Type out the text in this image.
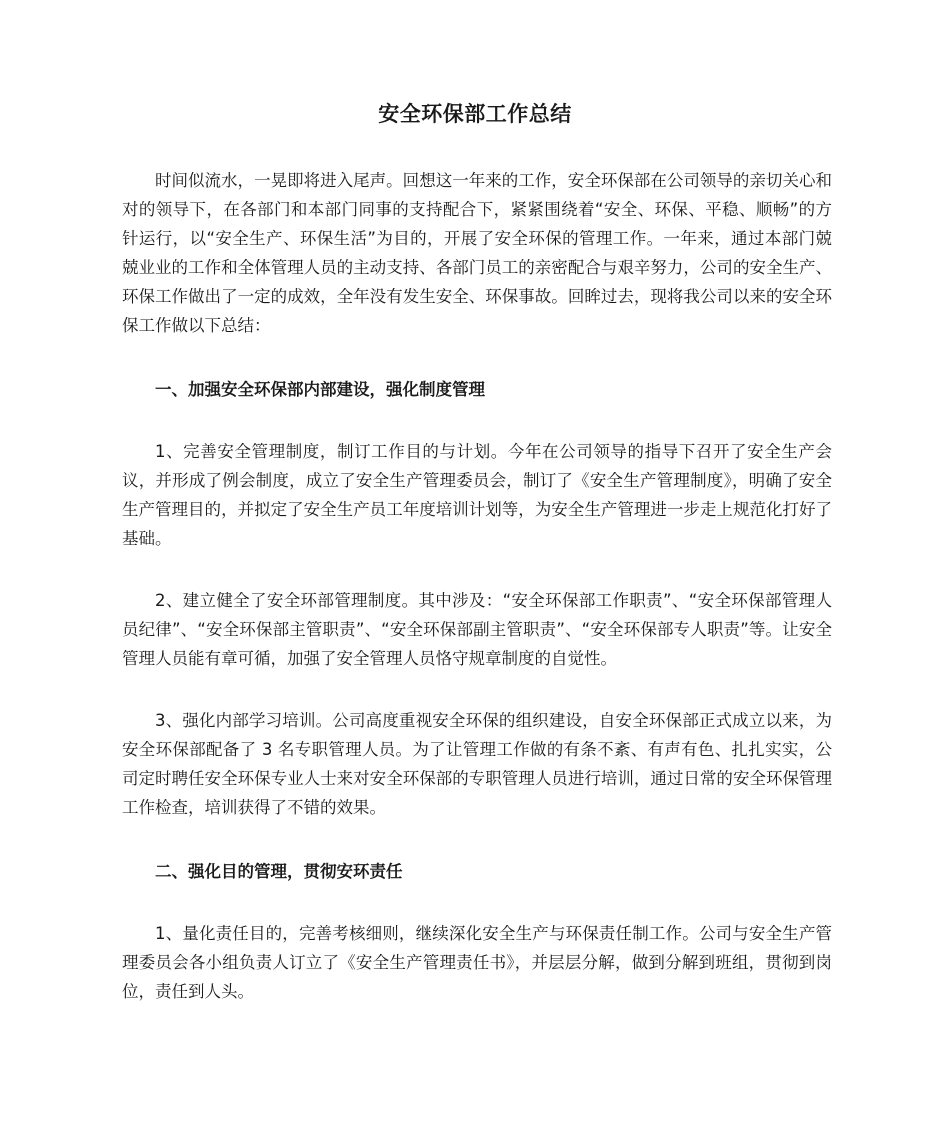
安全环保部工作总结

时间似流水，一晃即将进入尾声。回想这一年来的工作，安全环保部在公司领导的亲切关心和对的领导下，在各部门和本部门同事的支持配合下，紧紧围绕着“安全、环保、平稳、顺畅”的方针运行，以“安全生产、环保生活”为目的，开展了安全环保的管理工作。一年来，通过本部门兢兢业业的工作和全体管理人员的主动支持、各部门员工的亲密配合与艰辛努力，公司的安全生产、环保工作做出了一定的成效，全年没有发生安全、环保事故。回眸过去，现将我公司以来的安全环保工作做以下总结：

一、加强安全环保部内部建设，强化制度管理

1、完善安全管理制度，制订工作目的与计划。今年在公司领导的指导下召开了安全生产会议，并形成了例会制度，成立了安全生产管理委员会，制订了《安全生产管理制度》，明确了安全生产管理目的，并拟定了安全生产员工年度培训计划等，为安全生产管理进一步走上规范化打好了基础。

2、建立健全了安全环部管理制度。其中涉及：“安全环保部工作职责”、“安全环保部管理人员纪律”、“安全环保部主管职责”、“安全环保部副主管职责”、“安全环保部专人职责”等。让安全管理人员能有章可循，加强了安全管理人员恪守规章制度的自觉性。

3、强化内部学习培训。公司高度重视安全环保的组织建设，自安全环保部正式成立以来，为安全环保部配备了 3 名专职管理人员。为了让管理工作做的有条不紊、有声有色、扎扎实实，公司定时聘任安全环保专业人士来对安全环保部的专职管理人员进行培训，通过日常的安全环保管理工作检查，培训获得了不错的效果。

二、强化目的管理，贯彻安环责任

1、量化责任目的，完善考核细则，继续深化安全生产与环保责任制工作。公司与安全生产管理委员会各小组负责人订立了《安全生产管理责任书》，并层层分解，做到分解到班组，贯彻到岗位，责任到人头。
